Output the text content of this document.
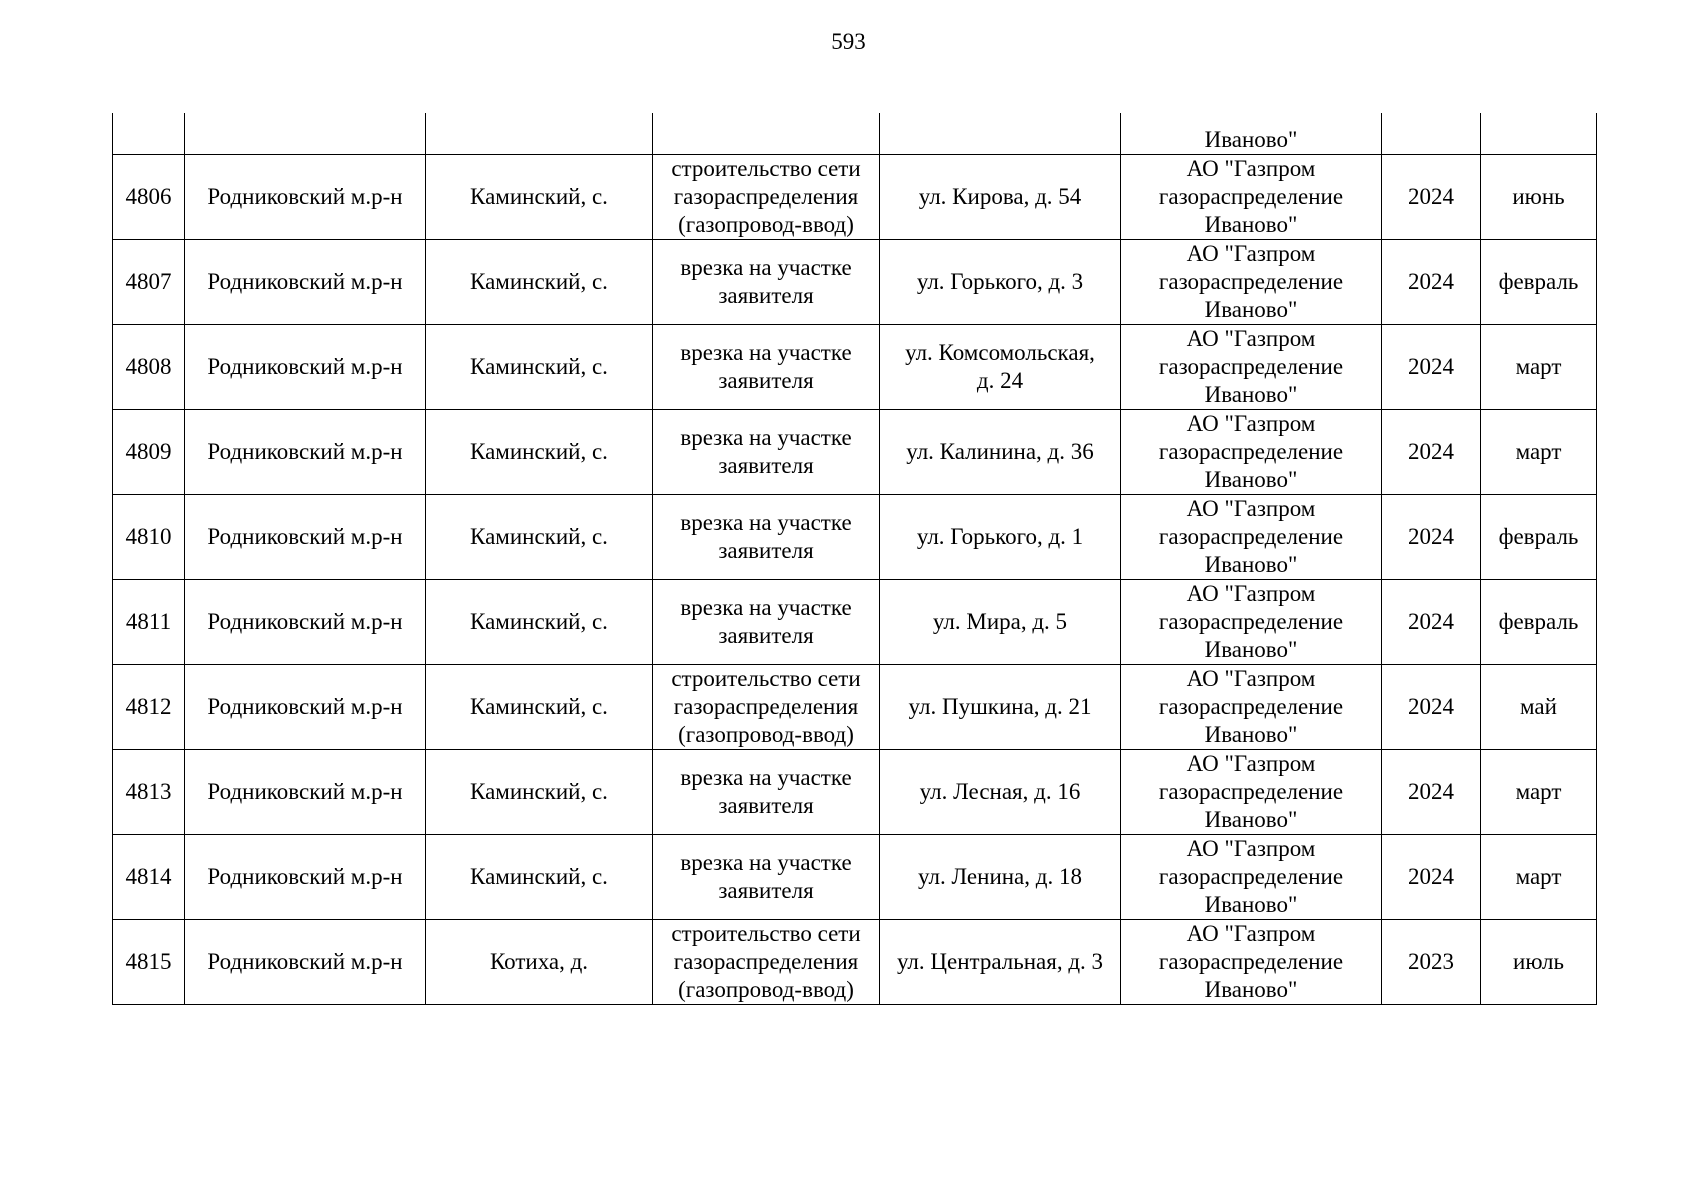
593

					Иваново"		

4806	Родниковский м.р-н	Каминский, с.	строительство сети
газораспределения
(газопровод-ввод)	ул. Кирова, д. 54	АО "Газпром
газораспределение
Иваново"	2024	июнь
4807	Родниковский м.р-н	Каминский, с.	врезка на участке
заявителя	ул. Горького, д. 3	АО "Газпром
газораспределение
Иваново"	2024	февраль
4808	Родниковский м.р-н	Каминский, с.	врезка на участке
заявителя	ул. Комсомольская,
д. 24	АО "Газпром
газораспределение
Иваново"	2024	март
4809	Родниковский м.р-н	Каминский, с.	врезка на участке
заявителя	ул. Калинина, д. 36	АО "Газпром
газораспределение
Иваново"	2024	март
4810	Родниковский м.р-н	Каминский, с.	врезка на участке
заявителя	ул. Горького, д. 1	АО "Газпром
газораспределение
Иваново"	2024	февраль
4811	Родниковский м.р-н	Каминский, с.	врезка на участке
заявителя	ул. Мира, д. 5	АО "Газпром
газораспределение
Иваново"	2024	февраль
4812	Родниковский м.р-н	Каминский, с.	строительство сети
газораспределения
(газопровод-ввод)	ул. Пушкина, д. 21	АО "Газпром
газораспределение
Иваново"	2024	май
4813	Родниковский м.р-н	Каминский, с.	врезка на участке
заявителя	ул. Лесная, д. 16	АО "Газпром
газораспределение
Иваново"	2024	март
4814	Родниковский м.р-н	Каминский, с.	врезка на участке
заявителя	ул. Ленина, д. 18	АО "Газпром
газораспределение
Иваново"	2024	март
4815	Родниковский м.р-н	Котиха, д.	строительство сети
газораспределения
(газопровод-ввод)	ул. Центральная, д. 3	АО "Газпром
газораспределение
Иваново"	2023	июль
